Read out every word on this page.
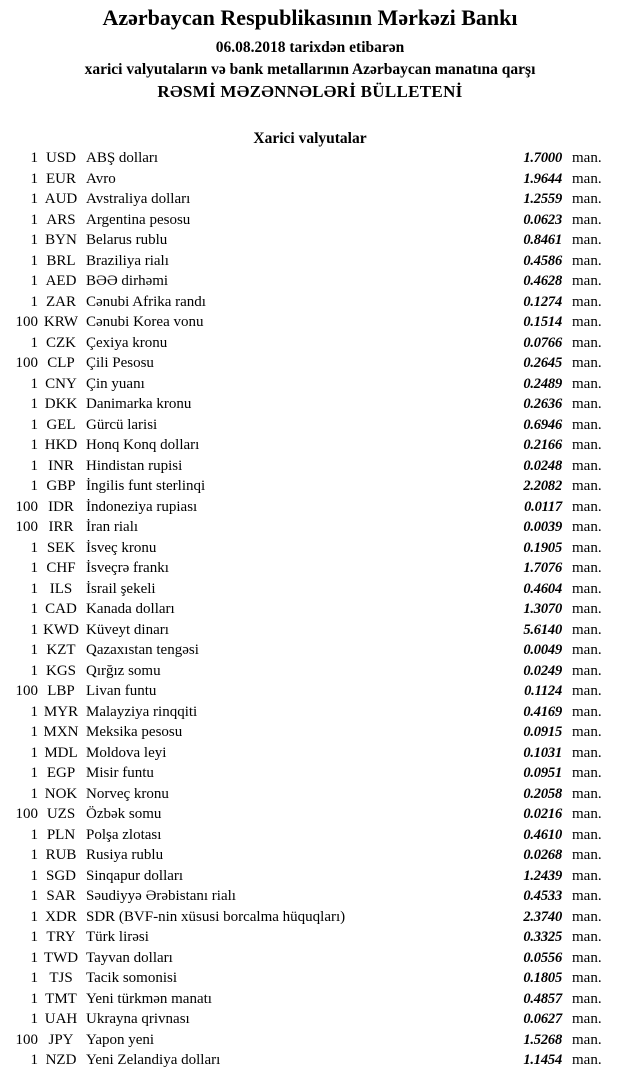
Azərbaycan Respublikasının Mərkəzi Bankı
06.08.2018 tarixdən etibarən
xarici valyutaların və bank metallarının Azərbaycan manatına qarşı
RƏSMİ MƏZƏNNƏLƏRİ BÜLLETENİ
Xarici valyutalar
1 USD ABŞ dolları	1.7000 man.
1 EUR Avro	1.9644 man.
1 AUD Avstraliya dolları	1.2559 man.
1 ARS Argentina pesosu	0.0623 man.
1 BYN Belarus rublu	0.8461 man.
1 BRL Braziliya rialı	0.4586 man.
1 AED BƏƏ dirhəmi	0.4628 man.
1 ZAR Cənubi Afrika randı	0.1274 man.
100 KRW Cənubi Korea vonu	0.1514 man.
1 CZK Çexiya kronu	0.0766 man.
100 CLP Çili Pesosu	0.2645 man.
1 CNY Çin yuanı	0.2489 man.
1 DKK Danimarka kronu	0.2636 man.
1 GEL Gürcü larisi	0.6946 man.
1 HKD Honq Konq dolları	0.2166 man.
1 INR Hindistan rupisi	0.0248 man.
1 GBP İngilis funt sterlinqi	2.2082 man.
100 IDR İndoneziya rupiası	0.0117 man.
100 IRR İran rialı	0.0039 man.
1 SEK İsveç kronu	0.1905 man.
1 CHF İsveçrə frankı	1.7076 man.
1 ILS İsrail şekeli	0.4604 man.
1 CAD Kanada dolları	1.3070 man.
1 KWD Küveyt dinarı	5.6140 man.
1 KZT Qazaxıstan tengəsi	0.0049 man.
1 KGS Qırğız somu	0.0249 man.
100 LBP Livan funtu	0.1124 man.
1 MYR Malayziya rinqqiti	0.4169 man.
1 MXN Meksika pesosu	0.0915 man.
1 MDL Moldova leyi	0.1031 man.
1 EGP Misir funtu	0.0951 man.
1 NOK Norveç kronu	0.2058 man.
100 UZS Özbək somu	0.0216 man.
1 PLN Polşa zlotası	0.4610 man.
1 RUB Rusiya rublu	0.0268 man.
1 SGD Sinqapur dolları	1.2439 man.
1 SAR Səudiyyə Ərəbistanı rialı	0.4533 man.
1 XDR SDR (BVF-nin xüsusi borcalma hüquqları)	2.3740 man.
1 TRY Türk lirəsi	0.3325 man.
1 TWD Tayvan dolları	0.0556 man.
1 TJS Tacik somonisi	0.1805 man.
1 TMT Yeni türkmən manatı	0.4857 man.
1 UAH Ukrayna qrivnası	0.0627 man.
100 JPY Yapon yeni	1.5268 man.
1 NZD Yeni Zelandiya dolları	1.1454 man.
